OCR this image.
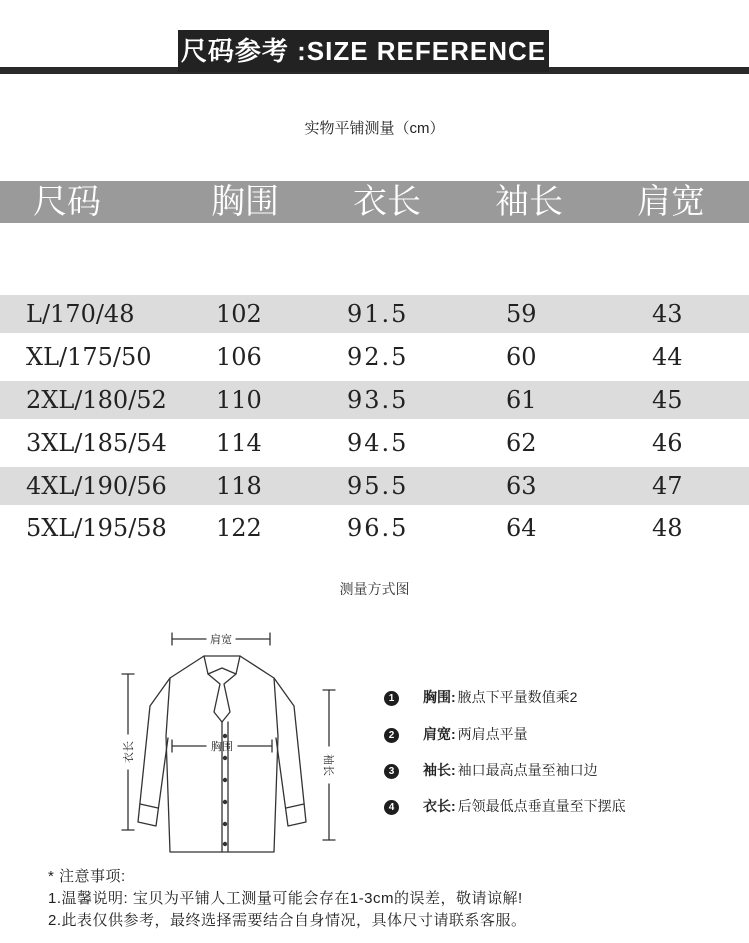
尺码参考 :SIZE REFERENCE
实物平铺测量（cm）
尺码	胸围	衣长	袖长	肩宽
L/170/48	102	91.5	59	43
XL/175/50	106	92.5	60	44
2XL/180/52 110	93.5	61	45
3XL/185/54 114	94.5	62	46
4XL/190/56 118	95.5	63	47
5XL/195/58 122	96.5	64	48
测量方式图
肩宽
胸围
衣长
袖长
1 胸围: 腋点下平量数值乘2
2 肩宽: 两肩点平量
3 袖长: 袖口最高点量至袖口边
4 衣长: 后领最低点垂直量至下摆底
* 注意事项:
1.温馨说明: 宝贝为平铺人工测量可能会存在1-3cm的误差，敬请谅解!
2.此表仅供参考，最终选择需要结合自身情况，具体尺寸请联系客服。
